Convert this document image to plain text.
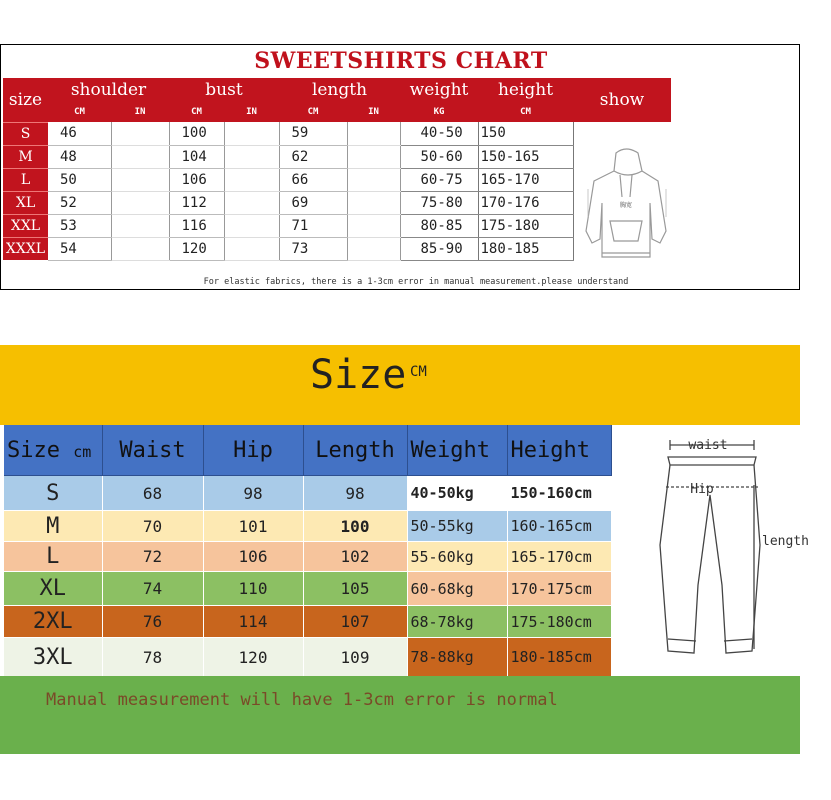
SWEETSHIRTS CHART
size	shoulder		bust		length		weight	height	show
	CM	IN	CM	IN	CM	IN	KG	CM	
S	46		100		59		40-50	150	
M	48		104		62		50-60	150-165	
L	50		106		66		60-75	165-170	
XL	52		112		69		75-80	170-176	
XXL	53		116		71		80-85	175-180	
XXXL	54		120		73		85-90	180-185	
胸宽
For elastic fabrics, there is a 1-3cm error in manual measurement.please understand
Size CM
Size cm	Waist	Hip	Length	Weight	Height
S	68	98	98	40-50kg	150-160cm
M	70	101	100	50-55kg	160-165cm
L	72	106	102	55-60kg	165-170cm
XL	74	110	105	60-68kg	170-175cm
2XL	76	114	107	68-78kg	175-180cm
3XL	78	120	109	78-88kg	180-185cm
waist
Hip
length
Manual measurement will have 1-3cm error is normal
